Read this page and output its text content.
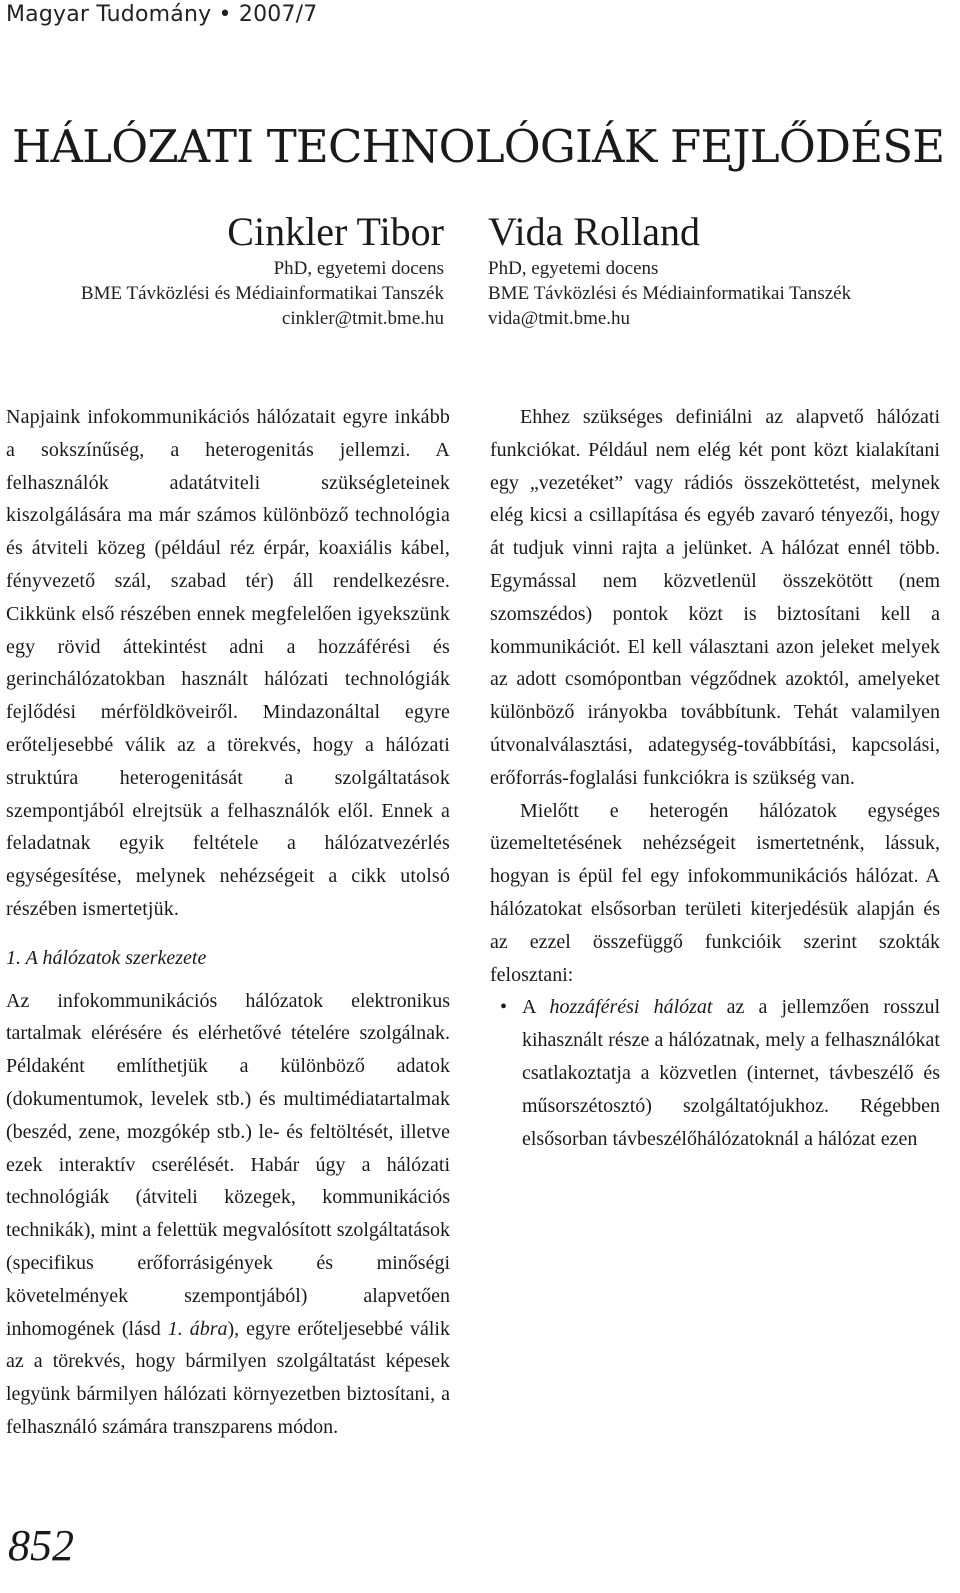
Magyar Tudomány • 2007/7
HÁLÓZATI TECHNOLÓGIÁK FEJLŐDÉSE
Cinkler Tibor
PhD, egyetemi docens
BME Távközlési és Médiainformatikai Tanszék
cinkler@tmit.bme.hu
Vida Rolland
PhD, egyetemi docens
BME Távközlési és Médiainformatikai Tanszék
vida@tmit.bme.hu

Napjaink infokommunikációs hálózatait egyre inkább a sokszínűség, a heterogenitás jellemzi. A felhasználók adatátviteli szükségleteinek kiszolgálására ma már számos különböző technológia és átviteli közeg (például réz érpár, koaxiális kábel, fényvezető szál, szabad tér) áll rendelkezésre. Cikkünk első részében ennek megfelelően igyekszünk egy rövid áttekintést adni a hozzáférési és gerinchálózatokban használt hálózati technológiák fejlődési mérföldköveiről. Mindazonáltal egyre erőteljesebbé válik az a törekvés, hogy a hálózati struktúra heterogenitását a szolgáltatások szempontjából elrejtsük a felhasználók elől. Ennek a feladatnak egyik feltétele a hálózatvezérlés egységesítése, melynek nehézségeit a cikk utolsó részében ismertetjük.

1. A hálózatok szerkezete

Az infokommunikációs hálózatok elektronikus tartalmak elérésére és elérhetővé tételére szolgálnak. Példaként említhetjük a különböző adatok (dokumentumok, levelek stb.) és multimédiatartalmak (beszéd, zene, mozgókép stb.) le- és feltöltését, illetve ezek interaktív cserélését. Habár úgy a hálózati technológiák (átviteli közegek, kommunikációs technikák), mint a felettük megvalósított szolgáltatások (specifikus erőforrásigények és minőségi követelmények szempontjából) alapvetően inhomogének (lásd 1. ábra), egyre erőteljesebbé válik az a törekvés, hogy bármilyen szolgáltatást képesek legyünk bármilyen hálózati környezetben biztosítani, a felhasználó számára transzparens módon.

Ehhez szükséges definiálni az alapvető hálózati funkciókat. Például nem elég két pont közt kialakítani egy „vezetéket” vagy rádiós összeköttetést, melynek elég kicsi a csillapítása és egyéb zavaró tényezői, hogy át tudjuk vinni rajta a jelünket. A hálózat ennél több. Egymással nem közvetlenül összekötött (nem szomszédos) pontok közt is biztosítani kell a kommunikációt. El kell választani azon jeleket melyek az adott csomópontban végződnek azoktól, amelyeket különböző irányokba továbbítunk. Tehát valamilyen útvonalválasztási, adategység-továbbítási, kapcsolási, erőforrás-foglalási funkciókra is szükség van.

Mielőtt e heterogén hálózatok egységes üzemeltetésének nehézségeit ismertetnénk, lássuk, hogyan is épül fel egy infokommunikációs hálózat. A hálózatokat elsősorban területi kiterjedésük alapján és az ezzel összefüggő funkcióik szerint szokták felosztani:

• A hozzáférési hálózat az a jellemzően rosszul kihasznált része a hálózatnak, mely a felhasználókat csatlakoztatja a közvetlen (internet, távbeszélő és műsorszétosztó) szolgáltatójukhoz. Régebben elsősorban távbeszélőhálózatoknál a hálózat ezen
852
